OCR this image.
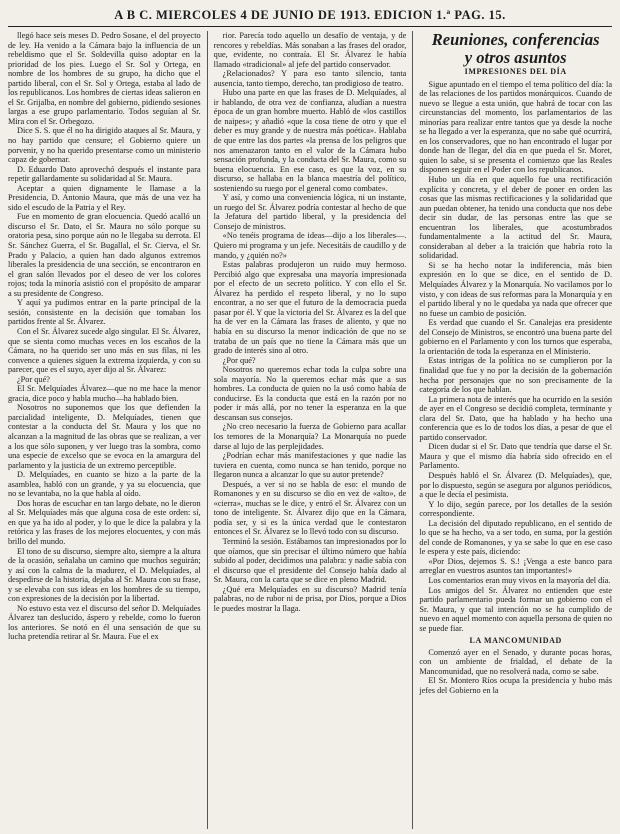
A B C. MIERCOLES 4 DE JUNIO DE 1913. EDICION 1.ª PAG. 15.

llegó hace seis meses D. Pedro Sosane, el del proyecto de ley. Ha venido a la Cámara bajo la influencia de un rebeldismo que el Sr. Soldevilla quiso adoptar en la prioridad de los pies. Luego el Sr. Sol y Ortega, en nombre de los hombres de su grupo, ha dicho que el partido liberal, con el Sr. Sol y Ortega, estaba al lado de los republicanos. Los hombres de ciertas ideas salieron en el Sr. Grijalba, en nombre del gobierno, pidiendo sesiones largas a ese grupo parlamentario. Todos seguían al Sr. Mira con el Sr. Orbegozo.

Dice S. S. que él no ha dirigido ataques al Sr. Maura, y no hay partido que censure; el Gobierno quiere un porvenir, y no ha querido presentarse como un ministerio capaz de gobernar.

D. Eduardo Dato aprovechó después el instante para repetir gallardamente su solidaridad al Sr. Maura.

Aceptar a quien dignamente le llamase a la Presidencia, D. Antonio Maura, que más de una vez ha sido el escudo de la Patria y el Rey.

Fue en momento de gran elocuencia. Quedó acalló un discurso el Sr. Dato, el Sr. Maura no sólo porque su oratoria pesa, sino porque aún no le llegaba su derrota. El Sr. Sánchez Guerra, el Sr. Bugallal, el Sr. Cierva, el Sr. Prado y Palacio, a quien han dado algunos extremos liberales la presidencia de una sección, se encontraron en el gran salón llevados por el deseo de ver los colores rojos; toda la minoría asistió con el propósito de amparar a su presidente de Congreso.

Y aquí ya pudimos entrar en la parte principal de la sesión, consistente en la decisión que tomaban los partidos frente al Sr. Álvarez.

Con el Sr. Álvarez sucede algo singular. El Sr. Álvarez, que se sienta como muchas veces en los escaños de la Cámara, no ha querido ser uno más en sus filas, ni les convence a quienes siguen la extrema izquierda, y con su parecer, que es el suyo, ayer dijo al Sr. Álvarez:

¿Por qué?

El Sr. Melquíades Álvarez—que no me hace la menor gracia, dice poco y habla mucho—ha hablado bien.

Nosotros no suponemos que los que defienden la parcialidad inteligente, D. Melquíades, tienen que contestar a la conducta del Sr. Maura y los que no alcanzan a la magnitud de las obras que se realizan, a ver a los que sólo suponen, y ver luego tras la sombra, como una especie de excelso que se evoca en la amargura del parlamento y la justicia de un extremo perceptible.

D. Melquíades, en cuanto se hizo a la parte de la asamblea, habló con un grande, y ya su elocuencia, que no se levantaba, no la que habla al oído.

Dos horas de escuchar en tan largo debate, no le dieron al Sr. Melquíades más que alguna cosa de este orden: sí, en que ya ha ido al poder, y lo que le dice la palabra y la retórica y las frases de los mejores elocuentes, y con más brillo del mundo.

El tono de su discurso, siempre alto, siempre a la altura de la ocasión, señalaba un camino que muchos seguirán; y así con la calma de la madurez, el D. Melquíades, al despedirse de la historia, dejaba al Sr. Maura con su frase, y se elevaba con sus ideas en los hombres de su tiempo, con expresiones de la decisión por la libertad.

No estuvo esta vez el discurso del señor D. Melquíades Álvarez tan deslucido, áspero y rebelde, como lo fueron los anteriores. Se notó en él una sensación de que su lucha pretendía retirar al Sr. Maura. Fue el ex

rior. Parecía todo aquello un desafío de ventaja, y de rencores y rebeldías. Más sonaban a las frases del orador, que, evidente, no contraía. El Sr. Álvarez le había llamado «tradicional» al jefe del partido conservador.

¿Relacionados? Y para eso tanto silencio, tanta ausencia, tanto tiempo, derecho, tan prodigioso de teatro.

Hubo una parte en que las frases de D. Melquíades, al ir hablando, de otra vez de confianza, aludían a nuestra época de un gran hombre muerto. Habló de «los castillos de naipes»; y añadió «que la cosa tiene de otro y que el deber es muy grande y de nuestra más poética». Hablaba de que entre las dos partes «la prensa de los peligros que nos amenazaron tanto en el valor de la Cámara hubo sensación profunda, y la conducta del Sr. Maura, como su buena elocuencia. En ese caso, es que la voz, en su discurso, se hallaba en la blanca maestría del político, sosteniendo su ruego por el general como combate».

Y así, y como una conveniencia lógica, ni un instante, un ruego del Sr. Álvarez podría contestar al hecho de que la Jefatura del partido liberal, y la presidencia del Consejo de ministros.

«No tenéis programa de ideas—dijo a los liberales—. Quiero mi programa y un jefe. Necesitáis de caudillo y de mando, y ¿quién no?»

Estas palabras produjeron un ruido muy hermoso. Percibió algo que expresaba una mayoría impresionada por el efecto de un secreto político. Y con ello el Sr. Álvarez ha perdido el respeto liberal, y no lo supo encontrar, a no ser que el futuro de la democracia pueda pasar por él. Y que la victoria del Sr. Álvarez es la del que ha de ver en la Cámara las frases de aliento, y que no había en su discurso la menor indicación de que no se trataba de un país que no tiene la Cámara más que un grado de interés sino al otro.

¿Por qué?

Nosotros no queremos echar toda la culpa sobre una sola mayoría. No la queremos echar más que a sus hombres. La conducta de quien no la usó como había de conducirse. Es la conducta que está en la razón por no poder ir más allá, por no tener la esperanza en la que descansan sus consejos.

¿No creo necesario la fuerza de Gobierno para acallar los temores de la Monarquía? La Monarquía no puede darse al lujo de las perplejidades.

¿Podrían echar más manifestaciones y que nadie las tuviera en cuenta, como nunca se han tenido, porque no llegaron nunca a alcanzar lo que su autor pretende?

Después, a ver si no se habla de eso: el mundo de Romanones y en su discurso se dio en vez de «alto», de «cierra», muchas se le dice, y entró el Sr. Álvarez con un tono de inteligente. Sr. Álvarez dijo que en la Cámara, podía ser, y si es la única verdad que le contestaron entonces el Sr. Álvarez se lo llevó todo con su discurso.

Terminó la sesión. Estábamos tan impresionados por lo que oíamos, que sin precisar el último número que había subido al poder, decidimos una palabra: y nadie sabía con el discurso que el presidente del Consejo había dado al Sr. Maura, con la carta que se dice en pleno Madrid.

¿Qué era Melquíades en su discurso? Madrid tenía palabras, no de rubor ni de prisa, por Dios, porque a Dios le puedes mostrar la llaga.

Reuniones, conferencias
y otros asuntos
IMPRESIONES DEL DÍA

Sigue apuntado en el tiempo el tema político del día: la de las relaciones de los partidos monárquicos. Cuando de nuevo se llegue a esta unión, que habrá de tocar con las circunstancias del momento, los parlamentarios de las minorías para realizar entre tantos que ya desde la noche se ha llegado a ver la esperanza, que no sabe qué ocurrirá, en los conservadores, que no han encontrado el lugar por donde han de llegar, del día en que pueda el Sr. Moret, quien lo sabe, si se presenta el comienzo que las Reales disponen seguir en el Poder con los republicanos.

Hubo un día en que aquello fue una rectificación explícita y concreta, y el deber de poner en orden las cosas que las mismas rectificaciones y la solidaridad que aun puedan obtener, ha tenido una conducta que nos debe decir sin dudar, de las personas entre las que se encuentran los liberales, que acostumbrados fundamentalmente a la actitud del Sr. Maura, consideraban al deber a la traición que habría roto la solidaridad.

Si se ha hecho notar la indiferencia, más bien expresión en lo que se dice, en el sentido de D. Melquíades Álvarez y la Monarquía. No vacilamos por lo visto, y con ideas de sus reformas para la Monarquía y en el partido liberal y no le quedaba ya nada que ofrecer que no fuese un cambio de posición.

Es verdad que cuando el Sr. Canalejas era presidente del Consejo de Ministros, se encontró una buena parte del gobierno en el Parlamento y con los turnos que esperaba, la orientación de toda la esperanza en el Ministerio.

Estas intrigas de la política no se cumplieron por la finalidad que fue y no por la decisión de la gobernación hecha por personajes que no son precisamente de la categoría de los que hablan.

La primera nota de interés que ha ocurrido en la sesión de ayer en el Congreso se decidió completa, terminante y clara del Sr. Dato, que ha hablado y ha hecho una conferencia que es lo de todos los días, a pesar de que el partido conservador.

Dicen dudar si el Sr. Dato que tendría que darse el Sr. Maura y que el mismo día habría sido ofrecido en el Parlamento.

Después habló el Sr. Álvarez (D. Melquíades), que, por lo dispuesto, según se asegura por algunos periódicos, a que le decía el pesimista.

Y lo dijo, según parece, por los detalles de la sesión correspondiente.

La decisión del diputado republicano, en el sentido de lo que se ha hecho, va a ser todo, en suma, por la gestión del conde de Romanones, y ya se sabe lo que en ese caso le espera y este país, diciendo:

«Por Dios, dejemos S. S.! ¡Venga a este banco para arreglar en vuestros asuntos tan importantes!»

Los comentarios eran muy vivos en la mayoría del día.

Los amigos del Sr. Álvarez no entienden que este partido parlamentario pueda formar un gobierno con el Sr. Maura, y que tal intención no se ha cumplido de nuevo en aquel momento con aquella persona de quien no se puede fiar.

LA MANCOMUNIDAD

Comenzó ayer en el Senado, y durante pocas horas, con un ambiente de frialdad, el debate de la Mancomunidad, que no resolverá nada, como se sabe.

El Sr. Montero Ríos ocupa la presidencia y hubo más jefes del Gobierno en la
